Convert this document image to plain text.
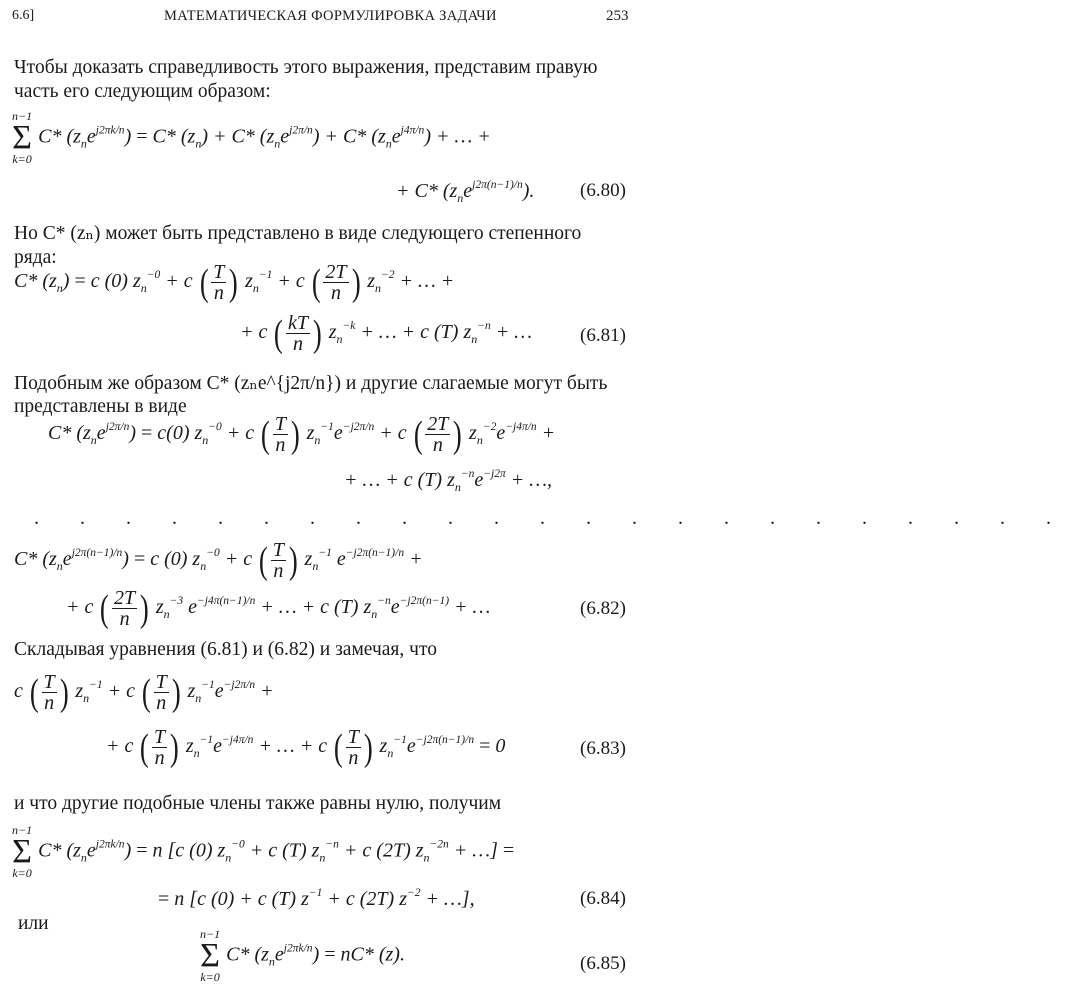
6.6]	МАТЕМАТИЧЕСКАЯ ФОРМУЛИРОВКА ЗАДАЧИ	253
Чтобы доказать справедливость этого выражения, представим правую
часть его следующим образом:
n−1
Σ
k=0
C* $(z_ne^{j2\pi k/n}) = C*$ $(z_n) + C*$ $(z_ne^{j2\pi/n}) + C*$ $(z_ne^{j4\pi/n})$ + … +
+ C* $(z_ne^{j2\pi(n-1)/n})$. (6.80)
Но C* (zₙ) может быть представлено в виде следующего степенного
ряда:
C* $(z_n) = c$ (0) $z_n^{-0} + c$ ( $\frac{T}{n}$ ) $z_n^{-1} + c$ ( $\frac{2T}{n}$ ) $z_n^{-2}$ + … +
+ c ( $\frac{kT}{n}$ ) $z_n^{-k}$ + … + c (T) $z_n^{-n}$ + …	(6.81)
Подобным же образом C* (zₙe^{j2π/n}) и другие слагаемые могут быть
представлены в виде
C* $(z_ne^{j2\pi/n}) = c(0) z_n^{-0} + c$ ( $\frac{T}{n}$ ) $z_n^{-1}e^{-j2\pi/n} + c$ ( $\frac{2T}{n}$ ) $z_n^{-2}e^{-j4\pi/n}$ +
+ … + c (T) $z_n^{-n}e^{-j2\pi}$ + …,
. . . . . . . . . . . . . . . . . . . . . . .
C* $(z_ne^{j2\pi(n-1)/n}) = c$ (0) $z_n^{-0} + c$ ( $\frac{T}{n}$ ) $z_n^{-1}$ $e^{-j2\pi(n-1)/n}$ +
+ c ( $\frac{2T}{n}$ ) $z_n^{-3}$ $e^{-j4\pi(n-1)/n}$ + … + c (T) $z_n^{-n}e^{-j2\pi(n-1)}$ + …	(6.82)
Складывая уравнения (6.81) и (6.82) и замечая, что
c ( $\frac{T}{n}$ ) $z_n^{-1} + c$ ( $\frac{T}{n}$ ) $z_n^{-1}e^{-j2\pi/n}$ +
+ c ( $\frac{T}{n}$ ) $z_n^{-1}e^{-j4\pi/n}$ + … + c ( $\frac{T}{n}$ ) $z_n^{-1}e^{-j2\pi(n-1)/n} = 0$	(6.83)
и что другие подобные члены также равны нулю, получим
n−1
Σ
k=0
C* $(z_ne^{j2\pi k/n}) = n$ [c (0) $z_n^{-0} + c$ (T) $z_n^{-n} + c$ (2T) $z_n^{-2n}$ + …] =
= n [c (0) + c (T) $z^{-1} + c$ (2T) $z^{-2}$ + …],	(6.84)
или	n−1
Σ
k=0
C* $(z_ne^{j2\pi k/n}) = nC*$ (z).	(6.85)
